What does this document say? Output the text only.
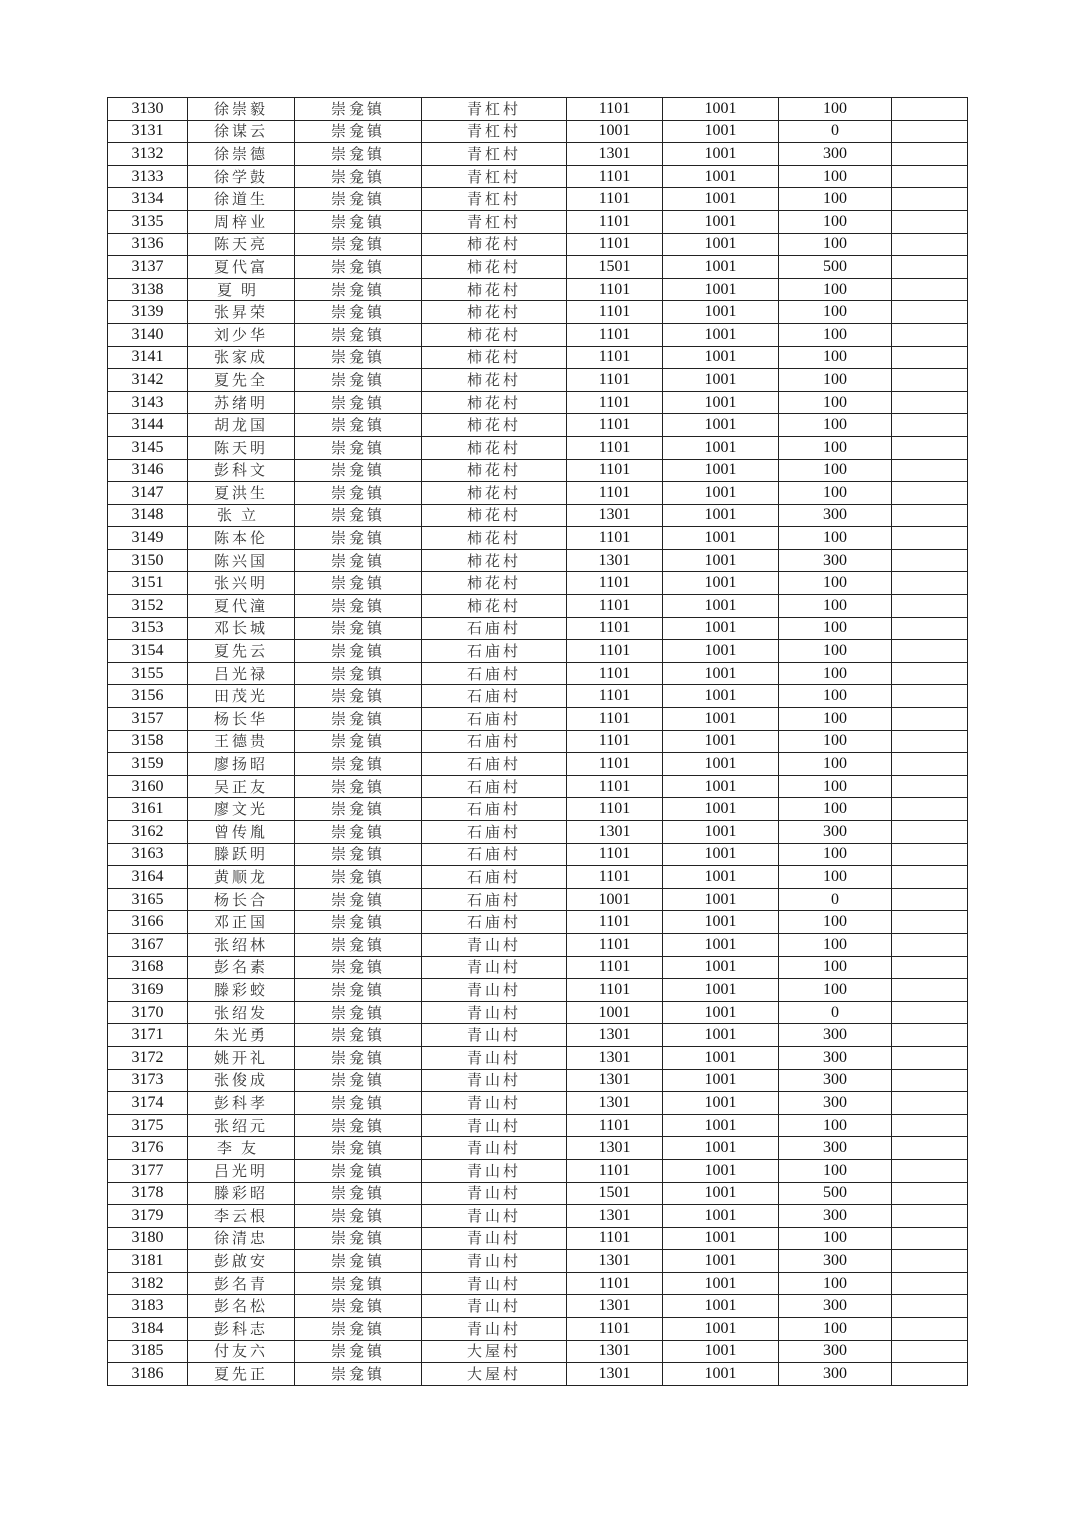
3130	徐崇毅	崇龛镇	青杠村	1101	1001	100	
3131	徐谋云	崇龛镇	青杠村	1001	1001	0	
3132	徐崇德	崇龛镇	青杠村	1301	1001	300	
3133	徐学鼓	崇龛镇	青杠村	1101	1001	100	
3134	徐道生	崇龛镇	青杠村	1101	1001	100	
3135	周梓业	崇龛镇	青杠村	1101	1001	100	
3136	陈天亮	崇龛镇	柿花村	1101	1001	100	
3137	夏代富	崇龛镇	柿花村	1501	1001	500	
3138	夏明	崇龛镇	柿花村	1101	1001	100	
3139	张昇荣	崇龛镇	柿花村	1101	1001	100	
3140	刘少华	崇龛镇	柿花村	1101	1001	100	
3141	张家成	崇龛镇	柿花村	1101	1001	100	
3142	夏先全	崇龛镇	柿花村	1101	1001	100	
3143	苏绪明	崇龛镇	柿花村	1101	1001	100	
3144	胡龙国	崇龛镇	柿花村	1101	1001	100	
3145	陈天明	崇龛镇	柿花村	1101	1001	100	
3146	彭科文	崇龛镇	柿花村	1101	1001	100	
3147	夏洪生	崇龛镇	柿花村	1101	1001	100	
3148	张立	崇龛镇	柿花村	1301	1001	300	
3149	陈本伦	崇龛镇	柿花村	1101	1001	100	
3150	陈兴国	崇龛镇	柿花村	1301	1001	300	
3151	张兴明	崇龛镇	柿花村	1101	1001	100	
3152	夏代潼	崇龛镇	柿花村	1101	1001	100	
3153	邓长城	崇龛镇	石庙村	1101	1001	100	
3154	夏先云	崇龛镇	石庙村	1101	1001	100	
3155	吕光禄	崇龛镇	石庙村	1101	1001	100	
3156	田茂光	崇龛镇	石庙村	1101	1001	100	
3157	杨长华	崇龛镇	石庙村	1101	1001	100	
3158	王德贵	崇龛镇	石庙村	1101	1001	100	
3159	廖扬昭	崇龛镇	石庙村	1101	1001	100	
3160	吴正友	崇龛镇	石庙村	1101	1001	100	
3161	廖文光	崇龛镇	石庙村	1101	1001	100	
3162	曾传胤	崇龛镇	石庙村	1301	1001	300	
3163	滕跃明	崇龛镇	石庙村	1101	1001	100	
3164	黄顺龙	崇龛镇	石庙村	1101	1001	100	
3165	杨长合	崇龛镇	石庙村	1001	1001	0	
3166	邓正国	崇龛镇	石庙村	1101	1001	100	
3167	张绍林	崇龛镇	青山村	1101	1001	100	
3168	彭名素	崇龛镇	青山村	1101	1001	100	
3169	滕彩蛟	崇龛镇	青山村	1101	1001	100	
3170	张绍发	崇龛镇	青山村	1001	1001	0	
3171	朱光勇	崇龛镇	青山村	1301	1001	300	
3172	姚开礼	崇龛镇	青山村	1301	1001	300	
3173	张俊成	崇龛镇	青山村	1301	1001	300	
3174	彭科孝	崇龛镇	青山村	1301	1001	300	
3175	张绍元	崇龛镇	青山村	1101	1001	100	
3176	李友	崇龛镇	青山村	1301	1001	300	
3177	吕光明	崇龛镇	青山村	1101	1001	100	
3178	滕彩昭	崇龛镇	青山村	1501	1001	500	
3179	李云根	崇龛镇	青山村	1301	1001	300	
3180	徐清忠	崇龛镇	青山村	1101	1001	100	
3181	彭啟安	崇龛镇	青山村	1301	1001	300	
3182	彭名青	崇龛镇	青山村	1101	1001	100	
3183	彭名松	崇龛镇	青山村	1301	1001	300	
3184	彭科志	崇龛镇	青山村	1101	1001	100	
3185	付友六	崇龛镇	大屋村	1301	1001	300	
3186	夏先正	崇龛镇	大屋村	1301	1001	300	
